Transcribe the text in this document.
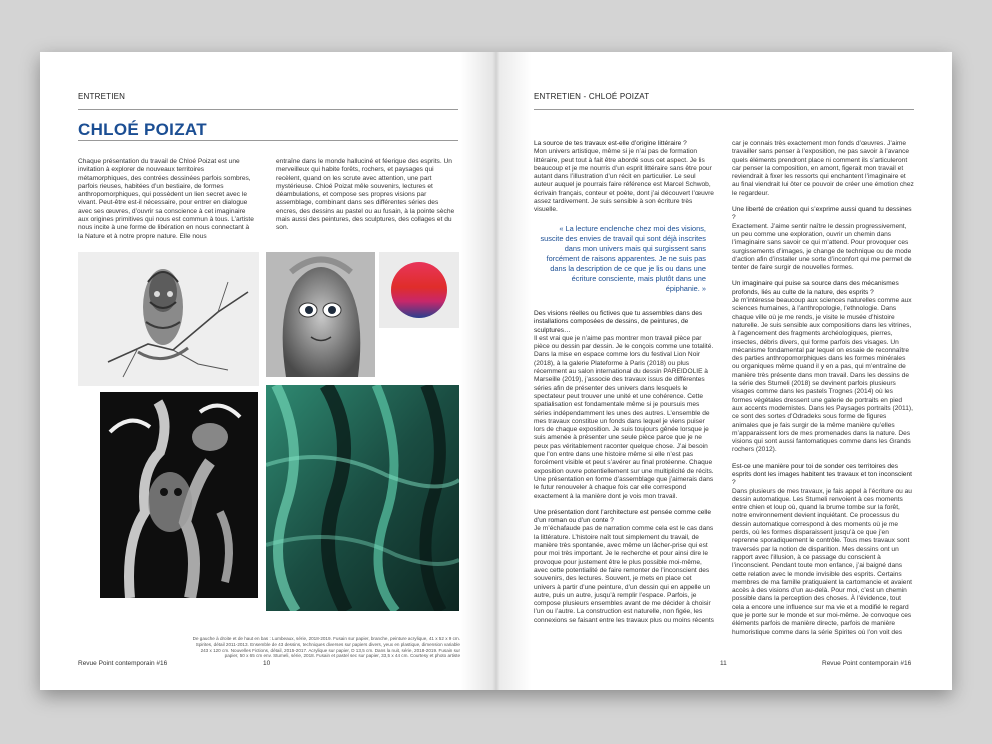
ENTRETIEN
CHLOÉ POIZAT
Chaque présentation du travail de Chloé Poizat est une invitation à explorer de nouveaux territoires métamorphiques, des contrées dessinées parfois sombres, parfois rieuses, habitées d’un bestiaire, de formes anthropomorphiques, qui possèdent un lien secret avec le vivant. Peut-être est-il nécessaire, pour entrer en dialogue avec ses œuvres, d’ouvrir sa conscience à cet imaginaire aux origines primitives qui nous est commun à tous. L’artiste nous incite à une forme de libération en nous connectant à la Nature et à notre propre nature. Elle nous
entraîne dans le monde halluciné et féerique des esprits. Un merveilleux qui habite forêts, rochers, et paysages qui recèlent, quand on les scrute avec attention, une part mystérieuse. Chloé Poizat mêle souvenirs, lectures et déambulations, et compose ses propres visions par assemblage, combinant dans ses différentes séries des encres, des dessins au pastel ou au fusain, à la pointe sèche mais aussi des peintures, des sculptures, des collages et du son.
De gauche à droite et de haut en bas : Lumbeaux, série, 2018-2019. Fusain sur papier, branche, peinture acrylique, 41 x 52 x 9 cm. Spirites, détail 2011-2013. Ensemble de 43 dessins, techniques diverses sur papiers divers, yeux en plastique, dimension variable 243 x 120 cm. Nouvelles Fictions, détail, 2015-2017. Acrylique sur papier, D 13,5 cm. Dans la nuit, série, 2018-2019. Fusain sur papier, 50 x 65 cm env. Stumeli, série, 2018. Fusain et pastel sec sur papier, 33,5 x 44 cm. Courtesy et photo artiste
Revue Point contemporain #16	10
ENTRETIEN - CHLOÉ POIZAT

La source de tes travaux est-elle d’origine littéraire ?

Mon univers artistique, même si je n’ai pas de formation littéraire, peut tout à fait être abordé sous cet aspect. Je lis beaucoup et je me nourris d’un esprit littéraire sans être pour autant dans l’illustration d’un récit en particulier. Le seul auteur auquel je pourrais faire référence est Marcel Schwob, écrivain français, conteur et poète, dont j’ai découvert l’œuvre assez tardivement. Je suis sensible à son écriture très visuelle.

« La lecture enclenche chez moi des visions, suscite des envies de travail qui sont déjà inscrites dans mon univers mais qui surgissent sans forcément de raisons apparentes. Je ne suis pas dans la description de ce que je lis ou dans une écriture consciente, mais plutôt dans une épiphanie. »

Des visions réelles ou fictives que tu assembles dans des installations composées de dessins, de peintures, de sculptures…

Il est vrai que je n’aime pas montrer mon travail pièce par pièce ou dessin par dessin. Je le conçois comme une totalité. Dans la mise en espace comme lors du festival Lion Noir (2018), à la galerie Plateforme à Paris (2018) ou plus récemment au salon international du dessin PAREIDOLIE à Marseille (2019), j’associe des travaux issus de différentes séries afin de présenter des univers dans lesquels le spectateur peut trouver une unité et une cohérence. Cette spatialisation est fondamentale même si je poursuis mes séries indépendamment les unes des autres. L’ensemble de mes travaux constitue un fonds dans lequel je viens puiser lors de chaque exposition. Je suis toujours gênée lorsque je suis amenée à présenter une seule pièce parce que je ne peux pas véritablement raconter quelque chose. J’ai besoin que l’on entre dans une histoire même si elle n’est pas forcément visible et peut s’avérer au final protéenne. Chaque exposition ouvre potentiellement sur une multiplicité de récits. Une présentation en forme d’assemblage que j’aimerais dans le futur renouveler à chaque fois car elle correspond exactement à la manière dont je vois mon travail.

Une présentation dont l’architecture est pensée comme celle d’un roman ou d’un conte ?

Je m’échafaude pas de narration comme cela est le cas dans la littérature. L’histoire naît tout simplement du travail, de manière très spontanée, avec même un lâcher-prise qui est pour moi très important. Je le recherche et pour ainsi dire le provoque pour justement être le plus possible moi-même, avec cette potentialité de faire remonter de l’inconscient des souvenirs, des lectures. Souvent, je mets en place cet univers à partir d’une peinture, d’un dessin qui en appelle un autre, puis un autre, jusqu’à remplir l’espace. Parfois, je compose plusieurs ensembles avant de me décider à choisir l’un ou l’autre. La construction est naturelle, non figée, les connexions se faisant entre les travaux plus ou moins récents

car je connais très exactement mon fonds d’œuvres. J’aime travailler sans penser à l’exposition, ne pas savoir à l’avance quels éléments prendront place ni comment ils s’articuleront car penser la composition, en amont, figerait mon travail et reviendrait à fixer les ressorts qui enchantent l’imaginaire et au final viendrait lui ôter ce pouvoir de créer une émotion chez le regardeur.

Une liberté de création qui s’exprime aussi quand tu dessines ?

Exactement. J’aime sentir naître le dessin progressivement, un peu comme une exploration, ouvrir un chemin dans l’imaginaire sans savoir ce qui m’attend. Pour provoquer ces surgissements d’images, je change de technique ou de mode d’action afin d’installer une sorte d’inconfort qui me permet de tenter de faire surgir de nouvelles formes.

Un imaginaire qui puise sa source dans des mécanismes profonds, liés au culte de la nature, des esprits ?

Je m’intéresse beaucoup aux sciences naturelles comme aux sciences humaines, à l’anthropologie, l’ethnologie. Dans chaque ville où je me rends, je visite le musée d’histoire naturelle. Je suis sensible aux compositions dans les vitrines, à l’agencement des fragments archéologiques, pierres, insectes, débris divers, qui forme parfois des visages. Un mécanisme fondamental par lequel on essaie de reconnaître des parties anthropomorphiques dans les formes minérales ou organiques même quand il y en a pas, qui m’entraîne de manière très présente dans mon travail. Dans les dessins de la série des Stumeli (2018) se devinent parfois plusieurs visages comme dans les pastels Trognes (2014) où les formes végétales dressent une galerie de portraits en pied aux accents modernistes. Dans les Paysages portraits (2011), ce sont des sortes d’Odradeks sous forme de figures animales que je fais surgir de la même manière qu’elles m’apparaissent lors de mes promenades dans la nature. Des visions qui sont aussi fantomatiques comme dans les Grands rochers (2012).

Est-ce une manière pour toi de sonder ces territoires des esprits dont les images habitent tes travaux et ton inconscient ?

Dans plusieurs de mes travaux, je fais appel à l’écriture ou au dessin automatique. Les Stumeli renvoient à ces moments entre chien et loup où, quand la brume tombe sur la forêt, notre environnement devient inquiétant. Ce processus du dessin automatique correspond à des moments où je me perds, où les formes disparaissent jusqu’à ce que j’en reprenne sporadiquement le contrôle. Tous mes travaux sont traversés par la notion de disparition. Mes dessins ont un rapport avec l’illusion, à ce passage du conscient à l’inconscient. Pendant toute mon enfance, j’ai baigné dans cette relation avec le monde invisible des esprits. Certains membres de ma famille pratiquaient la cartomancie et avaient accès à des visions d’un au-delà. Pour moi, c’est un chemin possible dans la perception des choses. À l’évidence, tout cela a encore une influence sur ma vie et a modifié le regard que je porte sur le monde et sur moi-même. Je convoque ces éléments parfois de manière directe, parfois de manière humoristique comme dans la série Spirites où l’on voit des

11	Revue Point contemporain #16
